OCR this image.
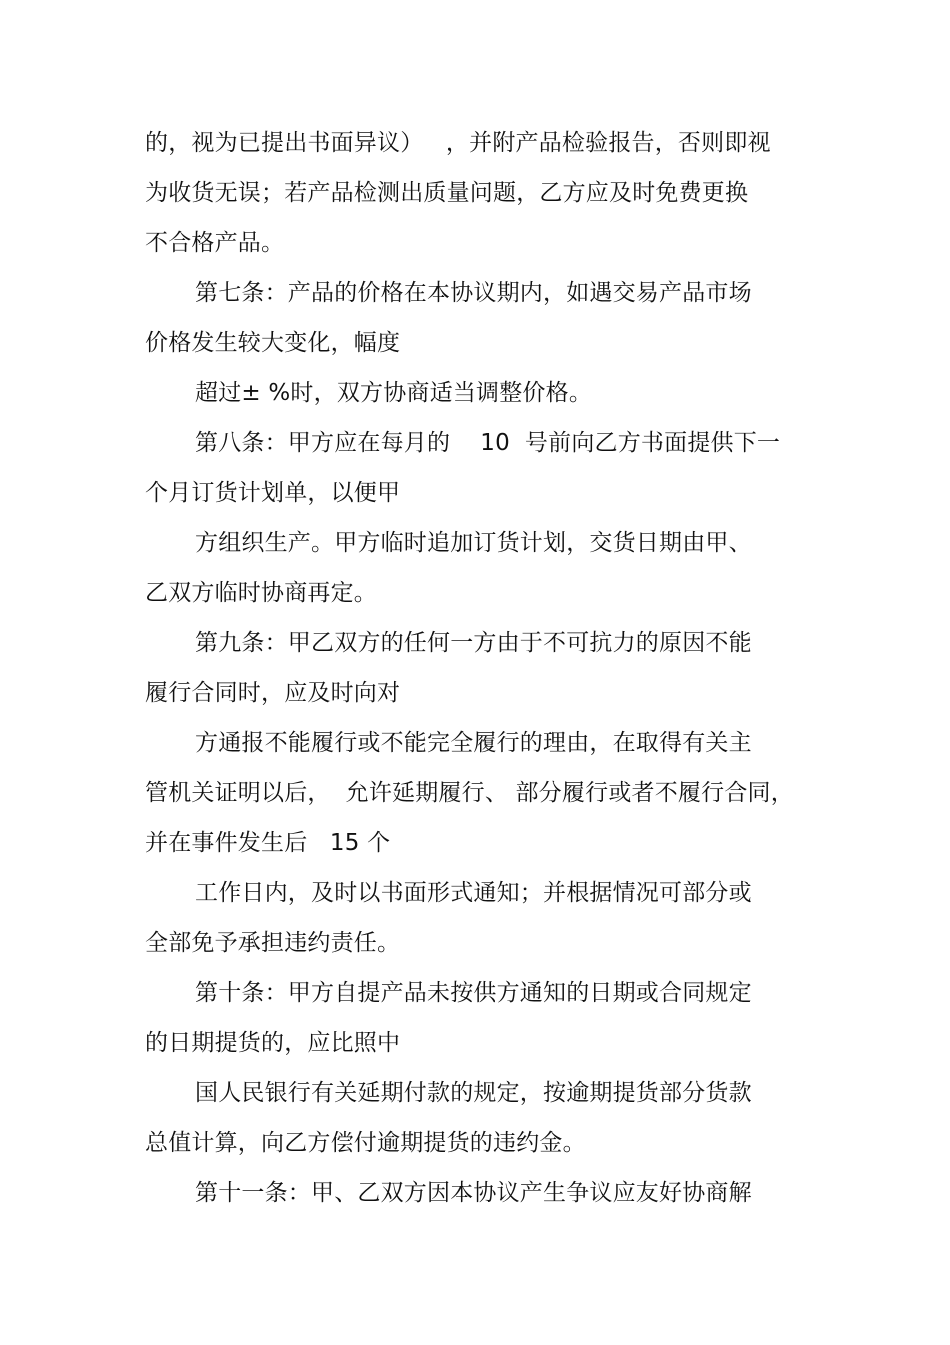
的，视为已提出书面异议）   ，并附产品检验报告，否则即视
为收货无误；若产品检测出质量问题，乙方应及时免费更换
不合格产品。
第七条：产品的价格在本协议期内，如遇交易产品市场
价格发生较大变化，幅度
超过± %时，双方协商适当调整价格。
第八条：甲方应在每月的    10  号前向乙方书面提供下一
个月订货计划单，以便甲
方组织生产。甲方临时追加订货计划，交货日期由甲、
乙双方临时协商再定。
第九条：甲乙双方的任何一方由于不可抗力的原因不能
履行合同时，应及时向对
方通报不能履行或不能完全履行的理由，在取得有关主
管机关证明以后，  允许延期履行、 部分履行或者不履行合同，
并在事件发生后   15 个
工作日内，及时以书面形式通知；并根据情况可部分或
全部免予承担违约责任。
第十条：甲方自提产品未按供方通知的日期或合同规定
的日期提货的，应比照中
国人民银行有关延期付款的规定，按逾期提货部分货款
总值计算，向乙方偿付逾期提货的违约金。
第十一条：甲、乙双方因本协议产生争议应友好协商解
